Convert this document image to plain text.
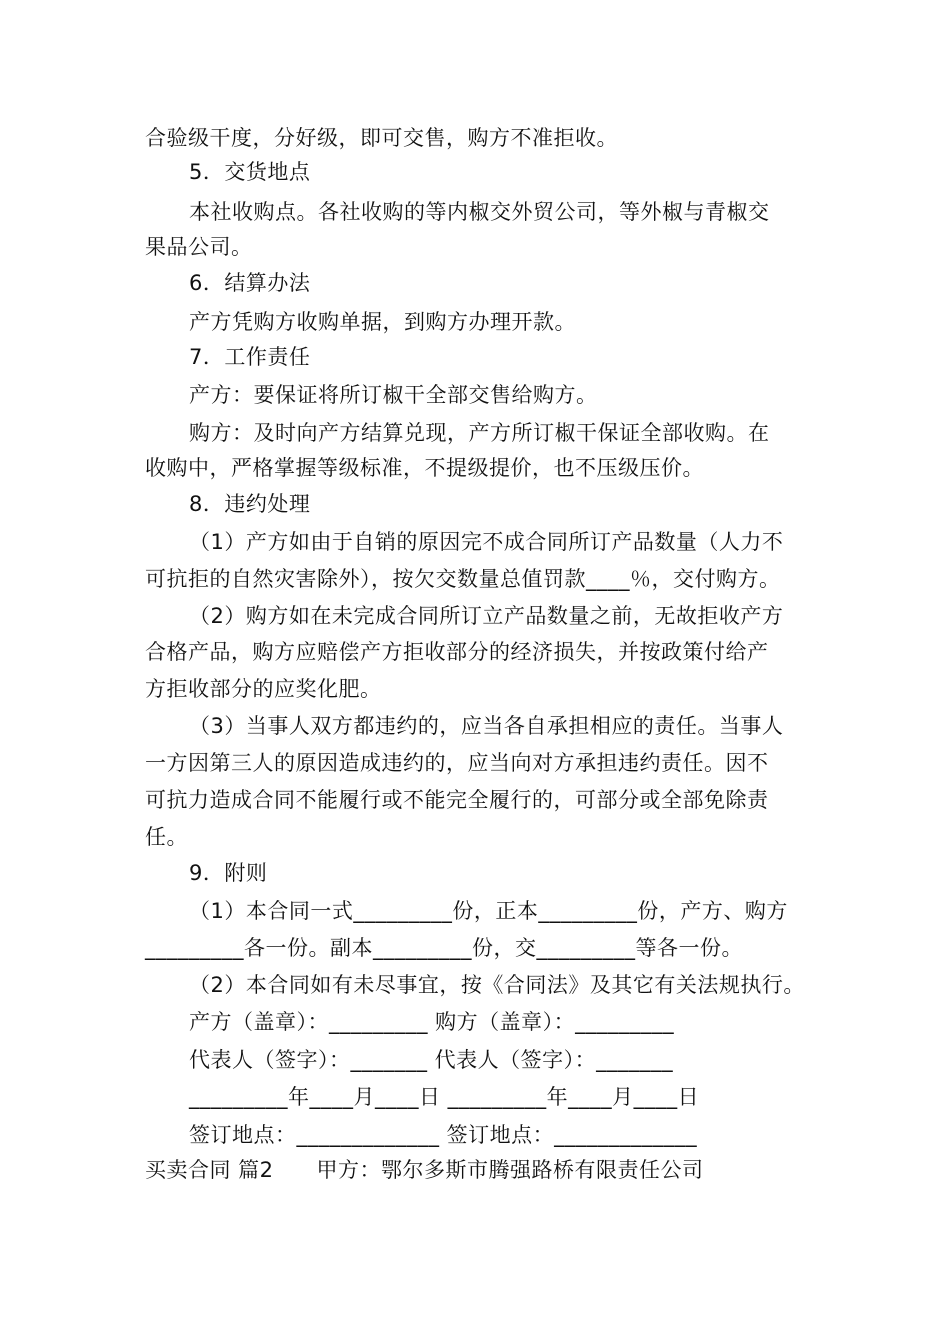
合验级干度，分好级，即可交售，购方不准拒收。
5．交货地点
本社收购点。各社收购的等内椒交外贸公司，等外椒与青椒交
果品公司。
6．结算办法
产方凭购方收购单据，到购方办理开款。
7．工作责任
产方：要保证将所订椒干全部交售给购方。
购方：及时向产方结算兑现，产方所订椒干保证全部收购。在
收购中，严格掌握等级标准，不提级提价，也不压级压价。
8．违约处理
（1）产方如由于自销的原因完不成合同所订产品数量（人力不
可抗拒的自然灾害除外），按欠交数量总值罚款____％，交付购方。
（2）购方如在未完成合同所订立产品数量之前，无故拒收产方
合格产品，购方应赔偿产方拒收部分的经济损失，并按政策付给产
方拒收部分的应奖化肥。
（3）当事人双方都违约的，应当各自承担相应的责任。当事人
一方因第三人的原因造成违约的，应当向对方承担违约责任。因不
可抗力造成合同不能履行或不能完全履行的，可部分或全部免除责
任。
9．附则
（1）本合同一式_________份，正本_________份，产方、购方
_________各一份。副本_________份，交_________等各一份。
（2）本合同如有未尽事宜，按《合同法》及其它有关法规执行。
产方（盖章）：_________ 购方（盖章）：_________
代表人（签字）：_______ 代表人（签字）：_______
_________年____月____日 _________年____月____日
签订地点：_____________ 签订地点：_____________
买卖合同 篇2　　甲方：鄂尔多斯市腾强路桥有限责任公司
